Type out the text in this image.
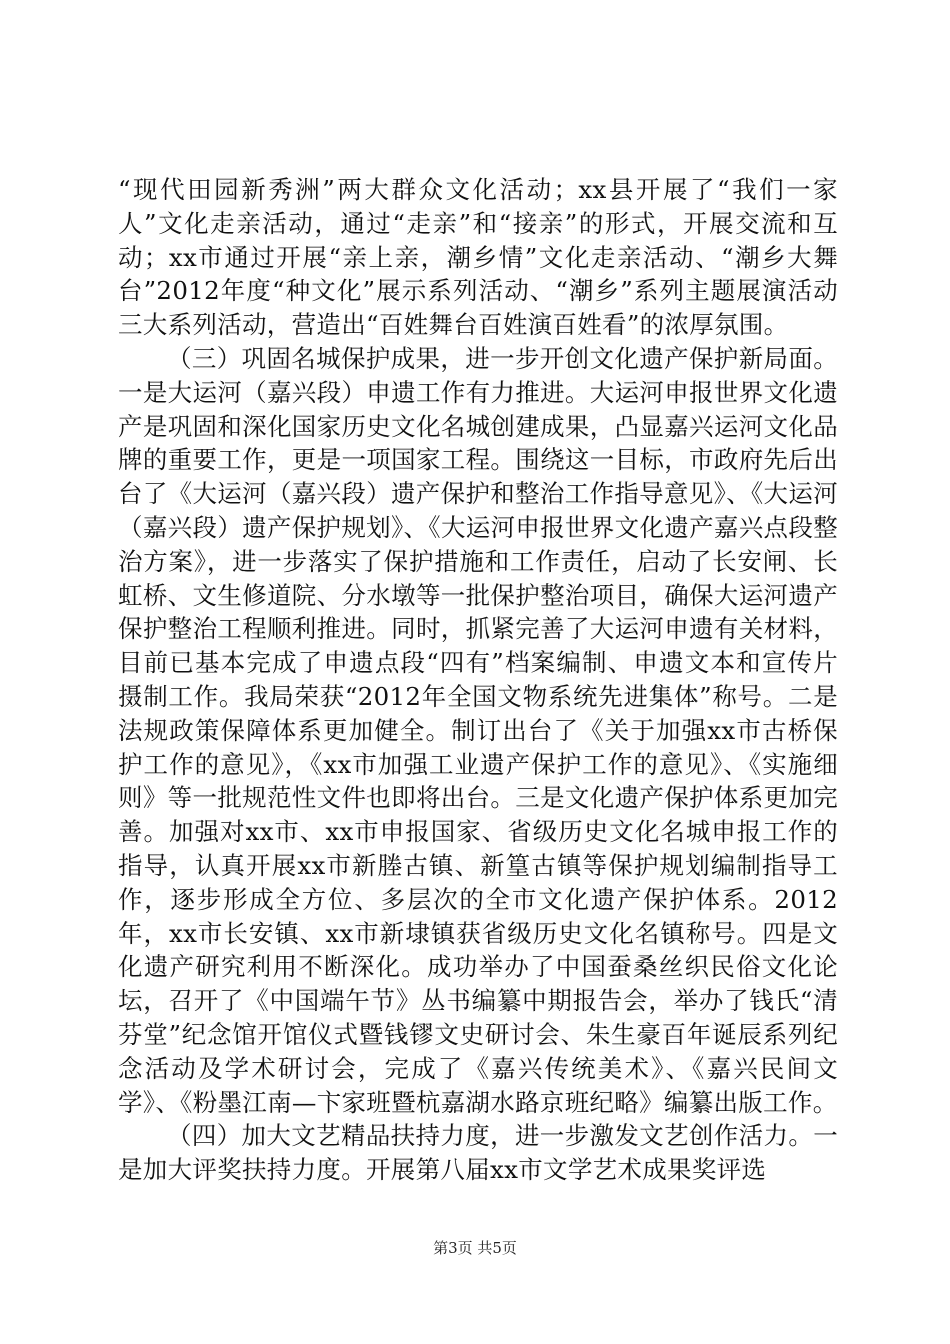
“现代田园新秀洲”两大群众文化活动；xx县开展了“我们一家人”文化走亲活动，通过“走亲”和“接亲”的形式，开展交流和互动；xx市通过开展“亲上亲，潮乡情”文化走亲活动、“潮乡大舞台”2012年度“种文化”展示系列活动、“潮乡”系列主题展演活动三大系列活动，营造出“百姓舞台百姓演百姓看”的浓厚氛围。

（三）巩固名城保护成果，进一步开创文化遗产保护新局面。一是大运河（嘉兴段）申遗工作有力推进。大运河申报世界文化遗产是巩固和深化国家历史文化名城创建成果，凸显嘉兴运河文化品牌的重要工作，更是一项国家工程。围绕这一目标，市政府先后出台了《大运河（嘉兴段）遗产保护和整治工作指导意见》、《大运河（嘉兴段）遗产保护规划》、《大运河申报世界文化遗产嘉兴点段整治方案》，进一步落实了保护措施和工作责任，启动了长安闸、长虹桥、文生修道院、分水墩等一批保护整治项目，确保大运河遗产保护整治工程顺利推进。同时，抓紧完善了大运河申遗有关材料，目前已基本完成了申遗点段“四有”档案编制、申遗文本和宣传片摄制工作。我局荣获“2012年全国文物系统先进集体”称号。二是法规政策保障体系更加健全。制订出台了《关于加强xx市古桥保护工作的意见》，《xx市加强工业遗产保护工作的意见》、《实施细则》等一批规范性文件也即将出台。三是文化遗产保护体系更加完善。加强对xx市、xx市申报国家、省级历史文化名城申报工作的指导，认真开展xx市新塍古镇、新篁古镇等保护规划编制指导工作，逐步形成全方位、多层次的全市文化遗产保护体系。2012年，xx市长安镇、xx市新埭镇获省级历史文化名镇称号。四是文化遗产研究利用不断深化。成功举办了中国蚕桑丝织民俗文化论坛，召开了《中国端午节》丛书编纂中期报告会，举办了钱氏“清芬堂”纪念馆开馆仪式暨钱镠文史研讨会、朱生豪百年诞辰系列纪念活动及学术研讨会，完成了《嘉兴传统美术》、《嘉兴民间文学》、《粉墨江南—卞家班暨杭嘉湖水路京班纪略》编纂出版工作。

（四）加大文艺精品扶持力度，进一步激发文艺创作活力。一是加大评奖扶持力度。开展第八届xx市文学艺术成果奖评选

第3页 共5页
